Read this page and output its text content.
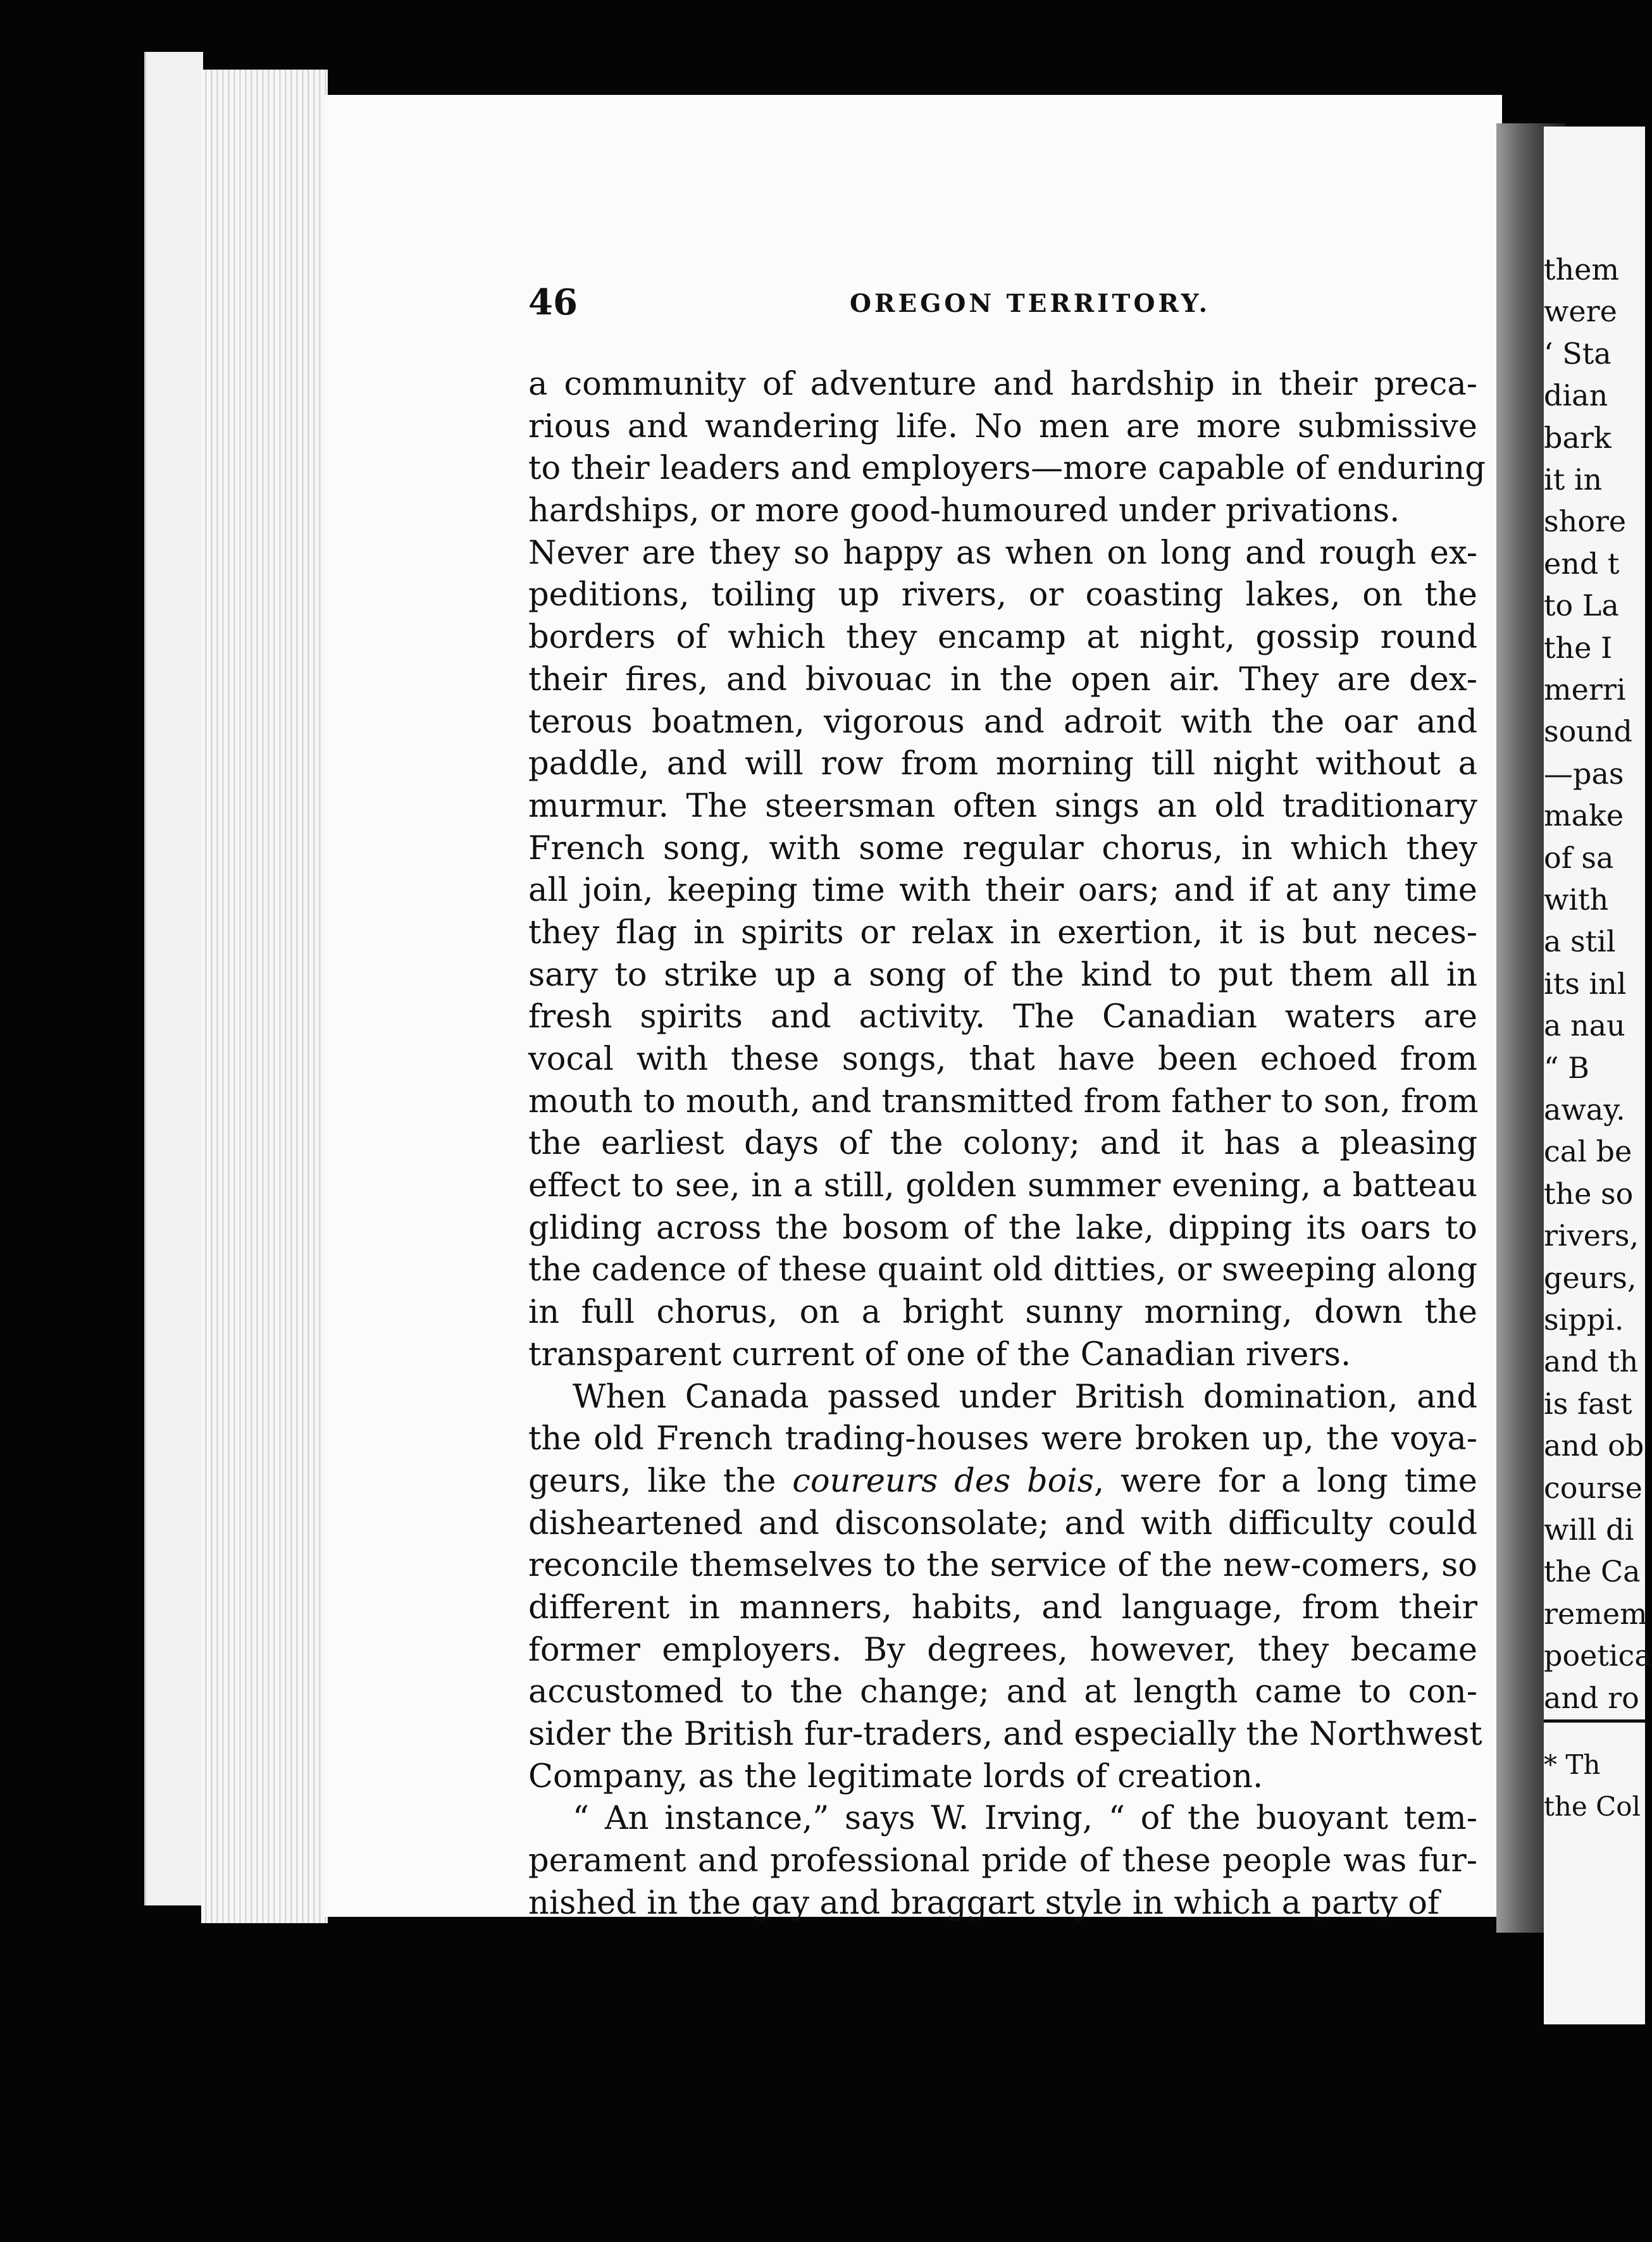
46	OREGON TERRITORY.
a community of adventure and hardship in their preca-
rious and wandering life. No men are more submissive
to their leaders and employers—more capable of enduring
hardships, or more good-humoured under privations.
Never are they so happy as when on long and rough ex-
peditions, toiling up rivers, or coasting lakes, on the
borders of which they encamp at night, gossip round
their fires, and bivouac in the open air. They are dex-
terous boatmen, vigorous and adroit with the oar and
paddle, and will row from morning till night without a
murmur. The steersman often sings an old traditionary
French song, with some regular chorus, in which they
all join, keeping time with their oars; and if at any time
they flag in spirits or relax in exertion, it is but neces-
sary to strike up a song of the kind to put them all in
fresh spirits and activity. The Canadian waters are
vocal with these songs, that have been echoed from
mouth to mouth, and transmitted from father to son, from
the earliest days of the colony; and it has a pleasing
effect to see, in a still, golden summer evening, a batteau
gliding across the bosom of the lake, dipping its oars to
the cadence of these quaint old ditties, or sweeping along
in full chorus, on a bright sunny morning, down the
transparent current of one of the Canadian rivers.
When Canada passed under British domination, and
the old French trading-houses were broken up, the voya-
geurs, like the coureurs des bois, were for a long time
disheartened and disconsolate; and with difficulty could
reconcile themselves to the service of the new-comers, so
different in manners, habits, and language, from their
former employers. By degrees, however, they became
accustomed to the change; and at length came to con-
sider the British fur-traders, and especially the Northwest
Company, as the legitimate lords of creation.
“ An instance,” says W. Irving, “ of the buoyant tem-
perament and professional pride of these people was fur-
nished in the gay and braggart style in which a party of
them
were
‘ Sta
dian
bark
it in
shore
end t
to La
the I
merri
sound
—pas
make
of sa
with
a stil
its inl
a nau
“ B
away.
cal be
the so
rivers,
geurs,
sippi.
and th
is fast
and ob
course
will di
the Ca
remem
poetica
and ro
* Th
the Col
